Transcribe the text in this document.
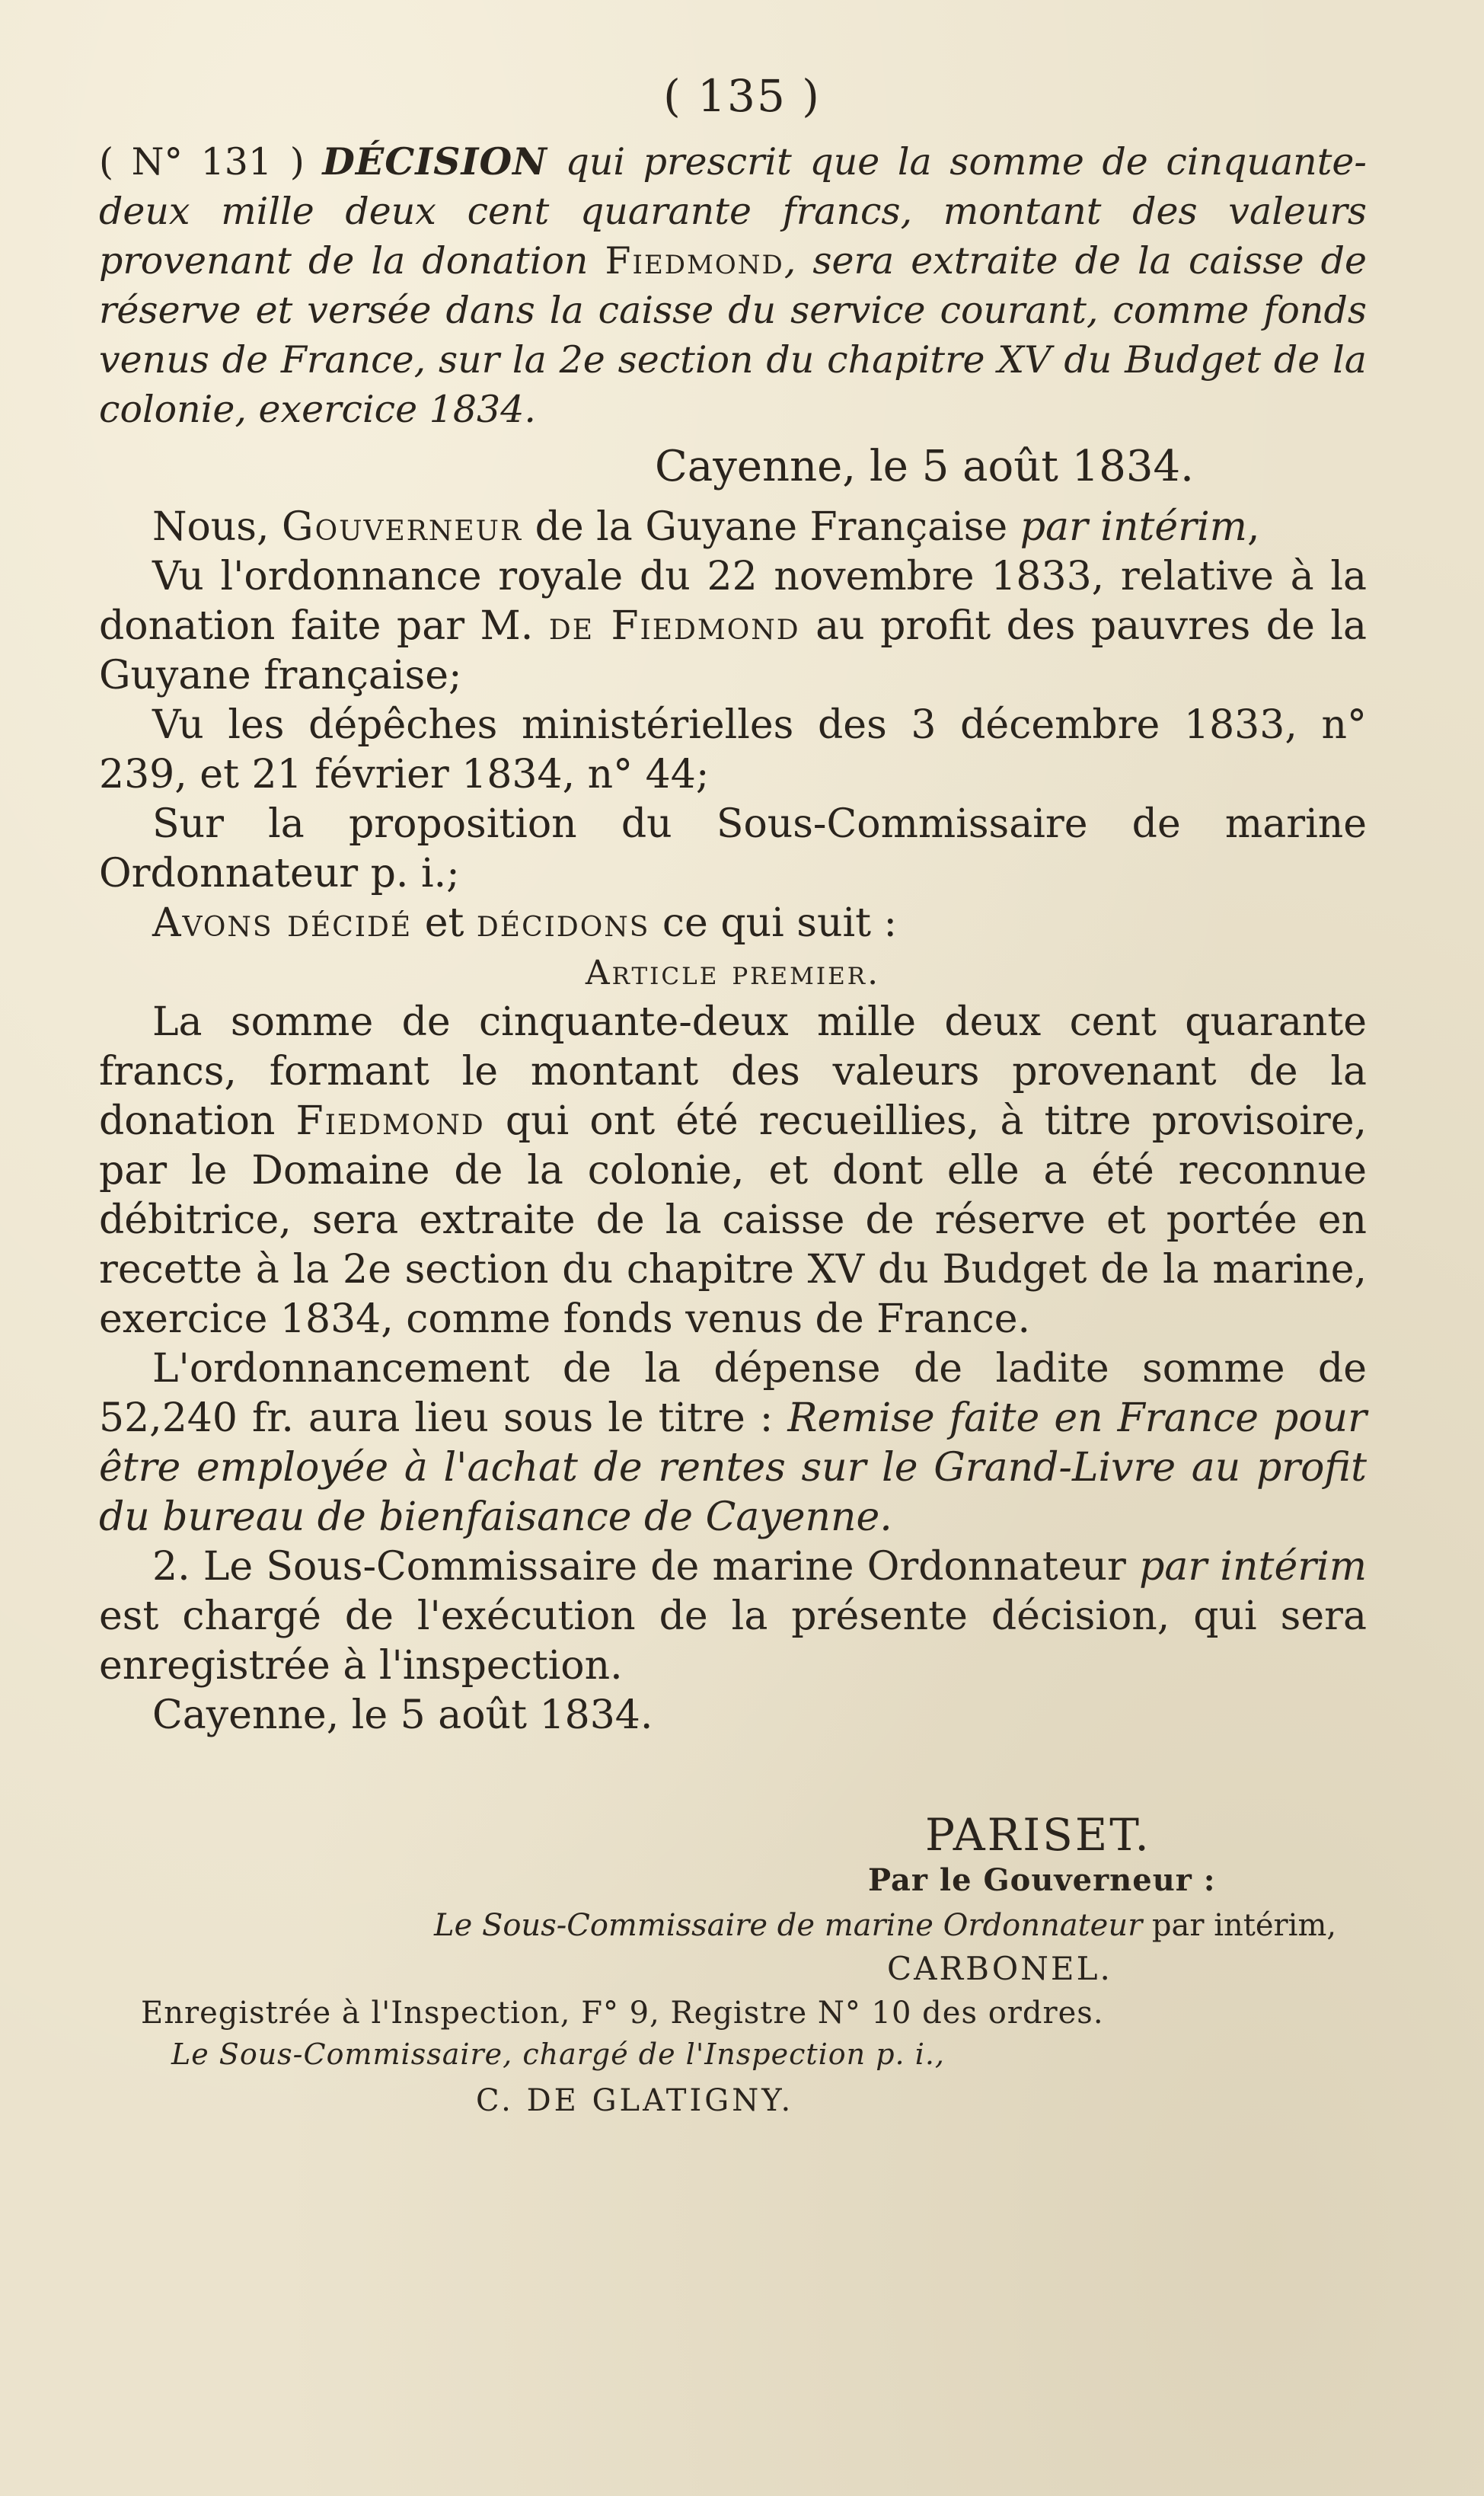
( 135 )
( N° 131 ) DÉCISION qui prescrit que la somme de cinquante-deux mille deux cent quarante francs, montant des valeurs provenant de la donation Fiedmond, sera extraite de la caisse de réserve et versée dans la caisse du service courant, comme fonds venus de France, sur la 2e section du chapitre XV du Budget de la colonie, exercice 1834.
Cayenne, le 5 août 1834.

Nous, Gouverneur de la Guyane Française par intérim,

Vu l'ordonnance royale du 22 novembre 1833, relative à la donation faite par M. de Fiedmond au profit des pauvres de la Guyane française;

Vu les dépêches ministérielles des 3 décembre 1833, n° 239, et 21 février 1834, n° 44;

Sur la proposition du Sous-Commissaire de marine Ordonnateur p. i.;

Avons décidé et décidons ce qui suit :

Article premier.

La somme de cinquante-deux mille deux cent quarante francs, formant le montant des valeurs provenant de la donation Fiedmond qui ont été recueillies, à titre provisoire, par le Domaine de la colonie, et dont elle a été reconnue débitrice, sera extraite de la caisse de réserve et portée en recette à la 2e section du chapitre XV du Budget de la marine, exercice 1834, comme fonds venus de France.

L'ordonnancement de la dépense de ladite somme de 52,240 fr. aura lieu sous le titre : Remise faite en France pour être employée à l'achat de rentes sur le Grand-Livre au profit du bureau de bienfaisance de Cayenne.

2. Le Sous-Commissaire de marine Ordonnateur par intérim est chargé de l'exécution de la présente décision, qui sera enregistrée à l'inspection.

Cayenne, le 5 août 1834.

PARISET.
Par le Gouverneur :
Le Sous-Commissaire de marine Ordonnateur par intérim,
CARBONEL.
Enregistrée à l'Inspection, F° 9, Registre N° 10 des ordres.
Le Sous-Commissaire, chargé de l'Inspection p. i.,
C. DE GLATIGNY.
